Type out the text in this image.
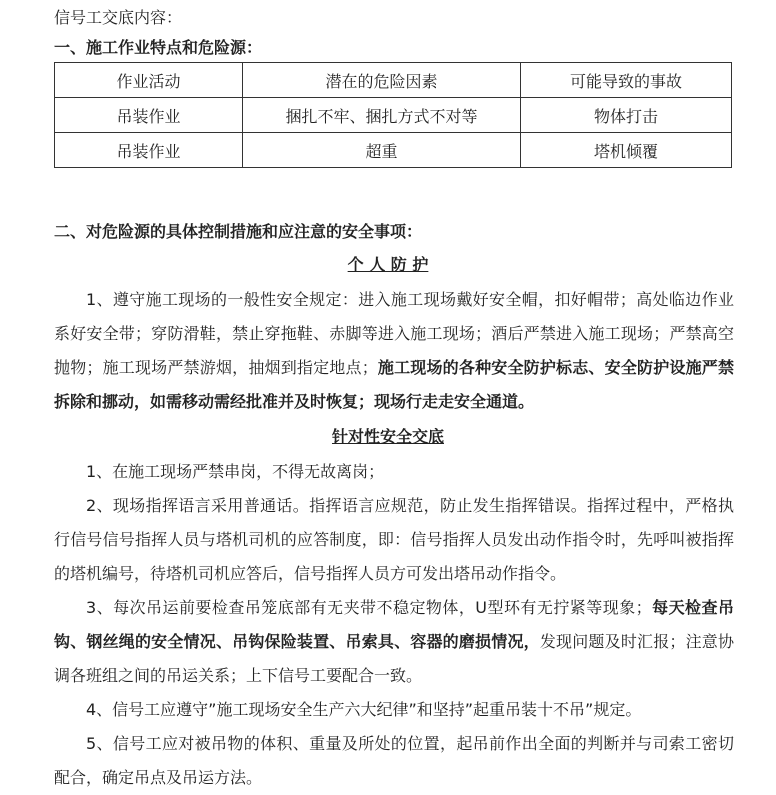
信号工交底内容：
一、施工作业特点和危险源：
作业活动	潜在的危险因素	可能导致的事故
吊装作业	捆扎不牢、捆扎方式不对等	物体打击
吊装作业	超重	塔机倾覆
二、对危险源的具体控制措施和应注意的安全事项：
个 人 防 护
1、遵守施工现场的一般性安全规定：进入施工现场戴好安全帽，扣好帽带；高处临边作业系好安全带；穿防滑鞋，禁止穿拖鞋、赤脚等进入施工现场；酒后严禁进入施工现场；严禁高空抛物；施工现场严禁游烟，抽烟到指定地点；施工现场的各种安全防护标志、安全防护设施严禁拆除和挪动，如需移动需经批准并及时恢复；现场行走走安全通道。
针对性安全交底
1、在施工现场严禁串岗，不得无故离岗；
2、现场指挥语言采用普通话。指挥语言应规范，防止发生指挥错误。指挥过程中，严格执行信号信号指挥人员与塔机司机的应答制度，即：信号指挥人员发出动作指令时，先呼叫被指挥的塔机编号，待塔机司机应答后，信号指挥人员方可发出塔吊动作指令。
3、每次吊运前要检查吊笼底部有无夹带不稳定物体，U型环有无拧紧等现象；每天检查吊钩、钢丝绳的安全情况、吊钩保险装置、吊索具、容器的磨损情况，发现问题及时汇报；注意协调各班组之间的吊运关系；上下信号工要配合一致。
4、信号工应遵守”施工现场安全生产六大纪律”和坚持”起重吊装十不吊”规定。
5、信号工应对被吊物的体积、重量及所处的位置，起吊前作出全面的判断并与司索工密切配合，确定吊点及吊运方法。
